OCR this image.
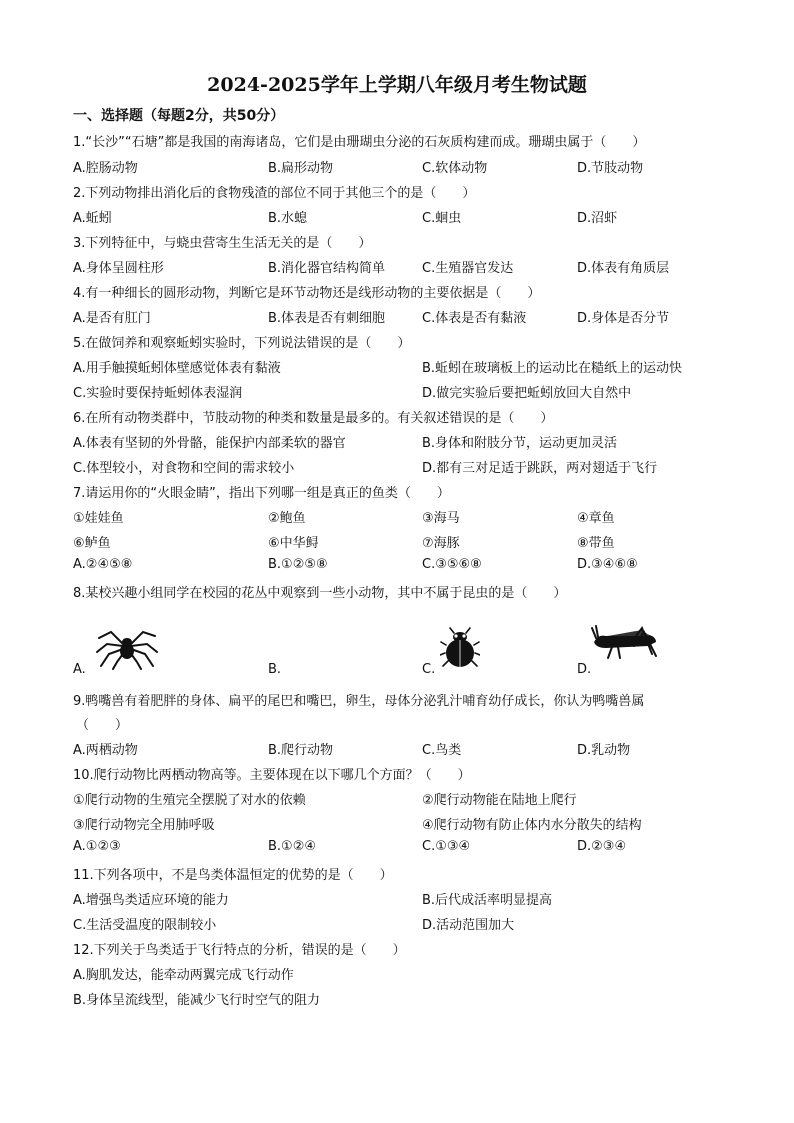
2024-2025学年上学期八年级月考生物试题
一、选择题（每题2分，共50分）
1.“长沙”“石塘”都是我国的南海诸岛，它们是由珊瑚虫分泌的石灰质构建而成。珊瑚虫属于（　　）
A.腔肠动物	B.扁形动物	C.软体动物	D.节肢动物
2.下列动物排出消化后的食物残渣的部位不同于其他三个的是（　　）
A.蚯蚓	B.水螅	C.蛔虫	D.沼虾
3.下列特征中，与蛲虫营寄生生活无关的是（　　）
A.身体呈圆柱形	B.消化器官结构简单	C.生殖器官发达	D.体表有角质层
4.有一种细长的圆形动物，判断它是环节动物还是线形动物的主要依据是（　　）
A.是否有肛门	B.体表是否有刺细胞	C.体表是否有黏液	D.身体是否分节
5.在做饲养和观察蚯蚓实验时，下列说法错误的是（　　）
A.用手触摸蚯蚓体壁感觉体表有黏液	B.蚯蚓在玻璃板上的运动比在糙纸上的运动快
C.实验时要保持蚯蚓体表湿润	D.做完实验后要把蚯蚓放回大自然中
6.在所有动物类群中，节肢动物的种类和数量是最多的。有关叙述错误的是（　　）
A.体表有坚韧的外骨骼，能保护内部柔软的器官	B.身体和附肢分节，运动更加灵活
C.体型较小，对食物和空间的需求较小	D.都有三对足适于跳跃，两对翅适于飞行
7.请运用你的“火眼金睛”，指出下列哪一组是真正的鱼类（　　）
①娃娃鱼	②鲍鱼	③海马	④章鱼
⑥鲈鱼	⑥中华鲟	⑦海豚	⑧带鱼
A.②④⑤⑧	B.①②⑤⑧	C.③⑤⑥⑧	D.③④⑥⑧
8.某校兴趣小组同学在校园的花丛中观察到一些小动物，其中不属于昆虫的是（　　）
A.	B.	C.	D.
9.鸭嘴兽有着肥胖的身体、扁平的尾巴和嘴巴，卵生，母体分泌乳汁哺育幼仔成长，你认为鸭嘴兽属
（　　）
A.两栖动物	B.爬行动物	C.鸟类	D.乳动物
10.爬行动物比两栖动物高等。主要体现在以下哪几个方面？（　　）
①爬行动物的生殖完全摆脱了对水的依赖	②爬行动物能在陆地上爬行
③爬行动物完全用肺呼吸	④爬行动物有防止体内水分散失的结构
A.①②③	B.①②④	C.①③④	D.②③④
11.下列各项中，不是鸟类体温恒定的优势的是（　　）
A.增强鸟类适应环境的能力	B.后代成活率明显提高
C.生活受温度的限制较小	D.活动范围加大
12.下列关于鸟类适于飞行特点的分析，错误的是（　　）
A.胸肌发达，能牵动两翼完成飞行动作
B.身体呈流线型，能减少飞行时空气的阻力
